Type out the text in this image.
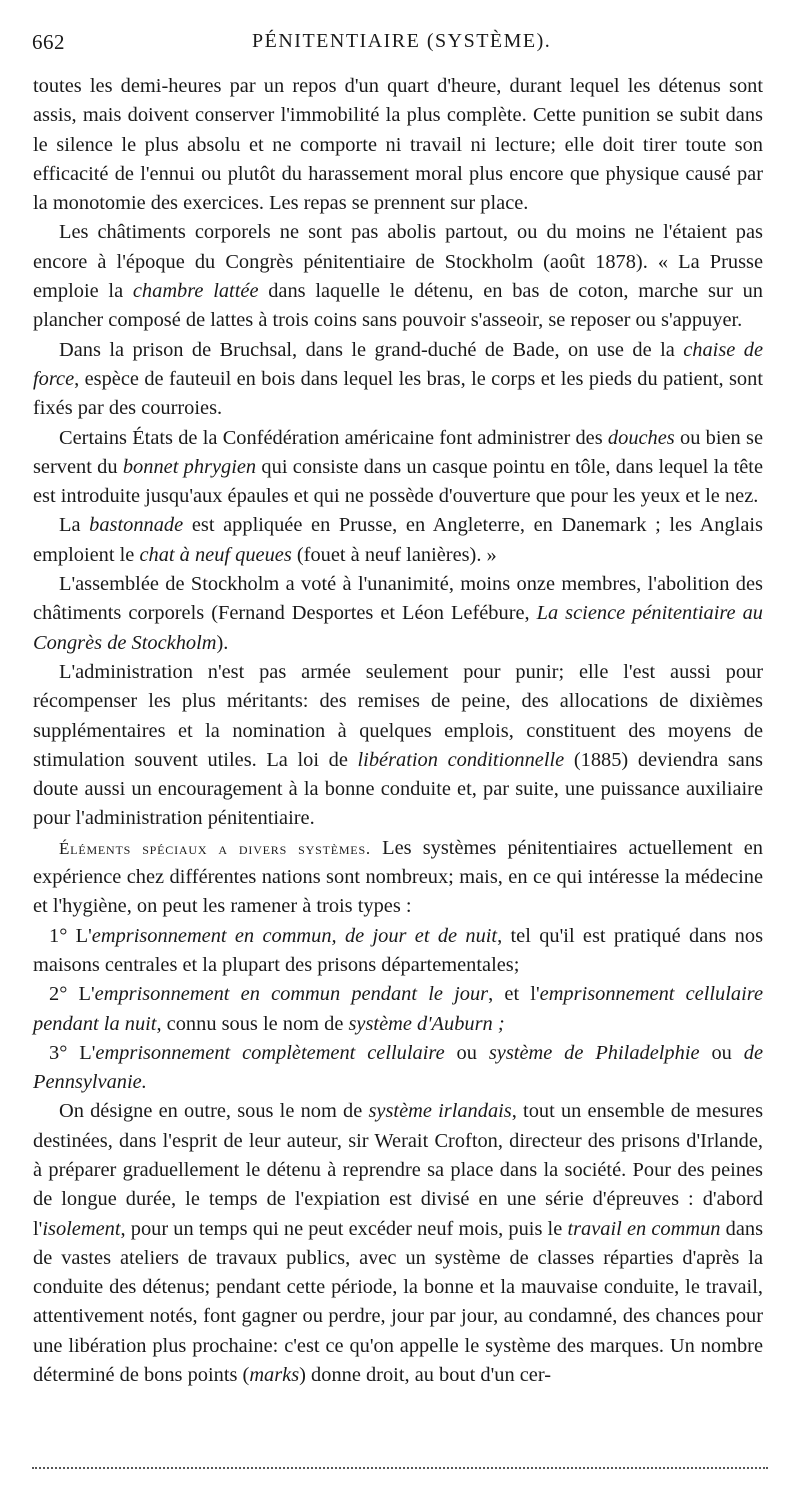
662	PÉNITENTIAIRE (SYSTÈME).

toutes les demi-heures par un repos d'un quart d'heure, durant lequel les détenus sont assis, mais doivent conserver l'immobilité la plus complète. Cette punition se subit dans le silence le plus absolu et ne comporte ni travail ni lecture; elle doit tirer toute son efficacité de l'ennui ou plutôt du harassement moral plus encore que physique causé par la monotomie des exercices. Les repas se prennent sur place.

Les châtiments corporels ne sont pas abolis partout, ou du moins ne l'étaient pas encore à l'époque du Congrès pénitentiaire de Stockholm (août 1878). « La Prusse emploie la chambre lattée dans laquelle le détenu, en bas de coton, marche sur un plancher composé de lattes à trois coins sans pouvoir s'asseoir, se reposer ou s'appuyer.

Dans la prison de Bruchsal, dans le grand-duché de Bade, on use de la chaise de force, espèce de fauteuil en bois dans lequel les bras, le corps et les pieds du patient, sont fixés par des courroies.

Certains États de la Confédération américaine font administrer des douches ou bien se servent du bonnet phrygien qui consiste dans un casque pointu en tôle, dans lequel la tête est introduite jusqu'aux épaules et qui ne possède d'ouverture que pour les yeux et le nez.

La bastonnade est appliquée en Prusse, en Angleterre, en Danemark ; les Anglais emploient le chat à neuf queues (fouet à neuf lanières). »

L'assemblée de Stockholm a voté à l'unanimité, moins onze membres, l'abolition des châtiments corporels (Fernand Desportes et Léon Lefébure, La science pénitentiaire au Congrès de Stockholm).

L'administration n'est pas armée seulement pour punir; elle l'est aussi pour récompenser les plus méritants: des remises de peine, des allocations de dixièmes supplémentaires et la nomination à quelques emplois, constituent des moyens de stimulation souvent utiles. La loi de libération conditionnelle (1885) deviendra sans doute aussi un encouragement à la bonne conduite et, par suite, une puissance auxiliaire pour l'administration pénitentiaire.

Éléments spéciaux a divers systèmes. Les systèmes pénitentiaires actuellement en expérience chez différentes nations sont nombreux; mais, en ce qui intéresse la médecine et l'hygiène, on peut les ramener à trois types :

1° L'emprisonnement en commun, de jour et de nuit, tel qu'il est pratiqué dans nos maisons centrales et la plupart des prisons départementales;

2° L'emprisonnement en commun pendant le jour, et l'emprisonnement cellulaire pendant la nuit, connu sous le nom de système d'Auburn ;

3° L'emprisonnement complètement cellulaire ou système de Philadelphie ou de Pennsylvanie.

On désigne en outre, sous le nom de système irlandais, tout un ensemble de mesures destinées, dans l'esprit de leur auteur, sir Werait Crofton, directeur des prisons d'Irlande, à préparer graduellement le détenu à reprendre sa place dans la société. Pour des peines de longue durée, le temps de l'expiation est divisé en une série d'épreuves : d'abord l'isolement, pour un temps qui ne peut excéder neuf mois, puis le travail en commun dans de vastes ateliers de travaux publics, avec un système de classes réparties d'après la conduite des détenus; pendant cette période, la bonne et la mauvaise conduite, le travail, attentivement notés, font gagner ou perdre, jour par jour, au condamné, des chances pour une libération plus prochaine: c'est ce qu'on appelle le système des marques. Un nombre déterminé de bons points (marks) donne droit, au bout d'un cer-
